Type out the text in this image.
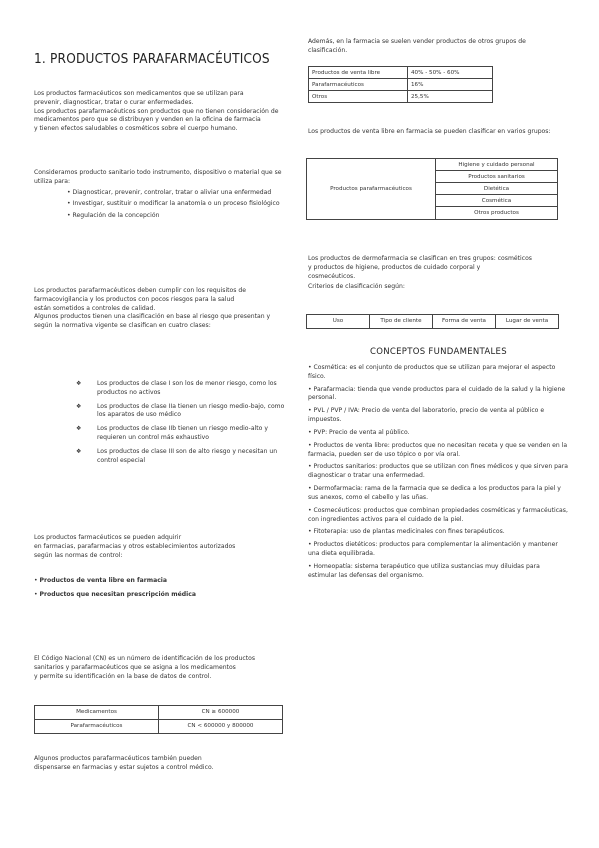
1. PRODUCTOS PARAFARMACÉUTICOS

Los productos farmacéuticos son medicamentos que se utilizan para

prevenir, diagnosticar, tratar o curar enfermedades.

Los productos parafarmacéuticos son productos que no tienen consideración de

medicamentos pero que se distribuyen y venden en la oficina de farmacia

y tienen efectos saludables o cosméticos sobre el cuerpo humano.

Consideramos producto sanitario todo instrumento, dispositivo o material que se utiliza para:

• Diagnosticar, prevenir, controlar, tratar o aliviar una enfermedad
• Investigar, sustituir o modificar la anatomía o un proceso fisiológico
• Regulación de la concepción

Los productos parafarmacéuticos deben cumplir con los requisitos de

farmacovigilancia y los productos con pocos riesgos para la salud

están sometidos a controles de calidad.

Algunos productos tienen una clasificación en base al riesgo que presentan y

según la normativa vigente se clasifican en cuatro clases:

❖	Los productos de clase I son los de menor riesgo, como los productos no activos
❖	Los productos de clase IIa tienen un riesgo medio-bajo, como los aparatos de uso médico
❖	Los productos de clase IIb tienen un riesgo medio-alto y requieren un control más exhaustivo
❖	Los productos de clase III son de alto riesgo y necesitan un control especial

Los productos farmacéuticos se pueden adquirir

en farmacias, parafarmacias y otros establecimientos autorizados

según las normas de control:

• Productos de venta libre en farmacia

• Productos que necesitan prescripción médica

El Código Nacional (CN) es un número de identificación de los productos

sanitarios y parafarmacéuticos que se asigna a los medicamentos

y permite su identificación en la base de datos de control.

Medicamentos	CN ≥ 600000
Parafarmacéuticos	CN < 600000 y 800000

Algunos productos parafarmacéuticos también pueden

dispensarse en farmacias y estar sujetos a control médico.

Además, en la farmacia se suelen vender productos de otros grupos de clasificación.

Productos de venta libre	40% - 50% - 60%
Parafarmacéuticos	16%
Otros	25,5%

Los productos de venta libre en farmacia se pueden clasificar en varios grupos:

Productos parafarmacéuticos	Higiene y cuidado personal
Productos sanitarios
Dietética
Cosmética
Otros productos

Los productos de dermofarmacia se clasifican en tres grupos: cosméticos

y productos de higiene, productos de cuidado corporal y

cosmecéuticos.

Criterios de clasificación según:

Uso	Tipo de cliente	Forma de venta	Lugar de venta

• Cosmética: es el conjunto de productos que se utilizan para mejorar el aspecto físico.

• Parafarmacia: tienda que vende productos para el cuidado de la salud y la higiene personal.

• PVL / PVP / IVA: Precio de venta del laboratorio, precio de venta al público e impuestos.

• PVP: Precio de venta al público.

• Productos de venta libre: productos que no necesitan receta y que se venden en la farmacia, pueden ser de uso tópico o por vía oral.

• Productos sanitarios: productos que se utilizan con fines médicos y que sirven para diagnosticar o tratar una enfermedad.

• Dermofarmacia: rama de la farmacia que se dedica a los productos para la piel y sus anexos, como el cabello y las uñas.

• Cosmecéuticos: productos que combinan propiedades cosméticas y farmacéuticas, con ingredientes activos para el cuidado de la piel.

• Fitoterapia: uso de plantas medicinales con fines terapéuticos.

• Productos dietéticos: productos para complementar la alimentación y mantener una dieta equilibrada.

• Homeopatía: sistema terapéutico que utiliza sustancias muy diluidas para estimular las defensas del organismo.

CONCEPTOS FUNDAMENTALES
